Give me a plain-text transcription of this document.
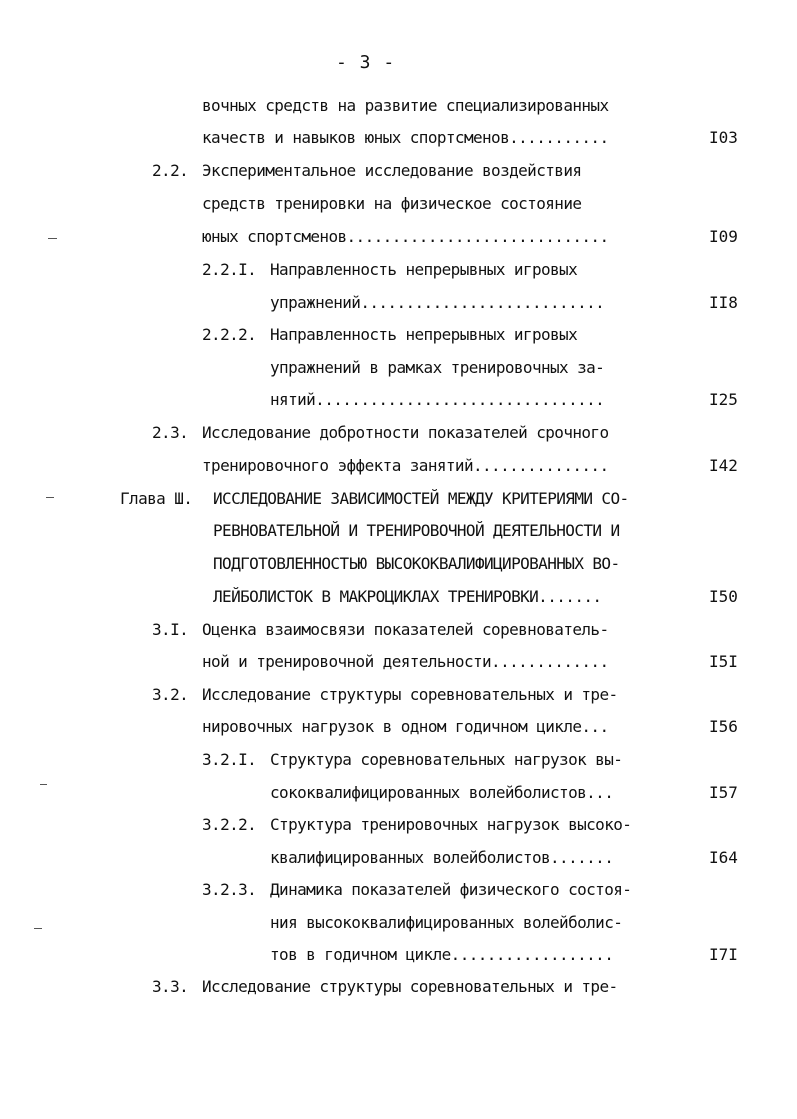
- 3 -
вочных средств на развитие специализированных
качеств и навыков юных спортсменов...........	I03
2.2. Экспериментальное исследование воздействия
средств тренировки на физическое состояние
юных спортсменов.............................	I09
2.2.I. Направленность непрерывных игровых
упражнений...........................	II8
2.2.2. Направленность непрерывных игровых
упражнений в рамках тренировочных за-
нятий................................	I25
2.3. Исследование добротности показателей срочного
тренировочного эффекта занятий...............	I42
Глава Ш. ИССЛЕДОВАНИЕ ЗАВИСИМОСТЕЙ МЕЖДУ КРИТЕРИЯМИ СО-
РЕВНОВАТЕЛЬНОЙ И ТРЕНИРОВОЧНОЙ ДЕЯТЕЛЬНОСТИ И
ПОДГОТОВЛЕННОСТЬЮ ВЫСОКОКВАЛИФИЦИРОВАННЫХ ВО-
ЛЕЙБОЛИСТОК В МАКРОЦИКЛАХ ТРЕНИРОВКИ.......	I50
3.I. Оценка взаимосвязи показателей соревнователь-
ной и тренировочной деятельности.............	I5I
3.2. Исследование структуры соревновательных и тре-
нировочных нагрузок в одном годичном цикле...	I56
3.2.I. Структура соревновательных нагрузок вы-
сококвалифицированных волейболистов...	I57
3.2.2. Структура тренировочных нагрузок высоко-
квалифицированных волейболистов.......	I64
3.2.3. Динамика показателей физического состоя-
ния высококвалифицированных волейболис-
тов в годичном цикле..................	I7I
3.3. Исследование структуры соревновательных и тре-
